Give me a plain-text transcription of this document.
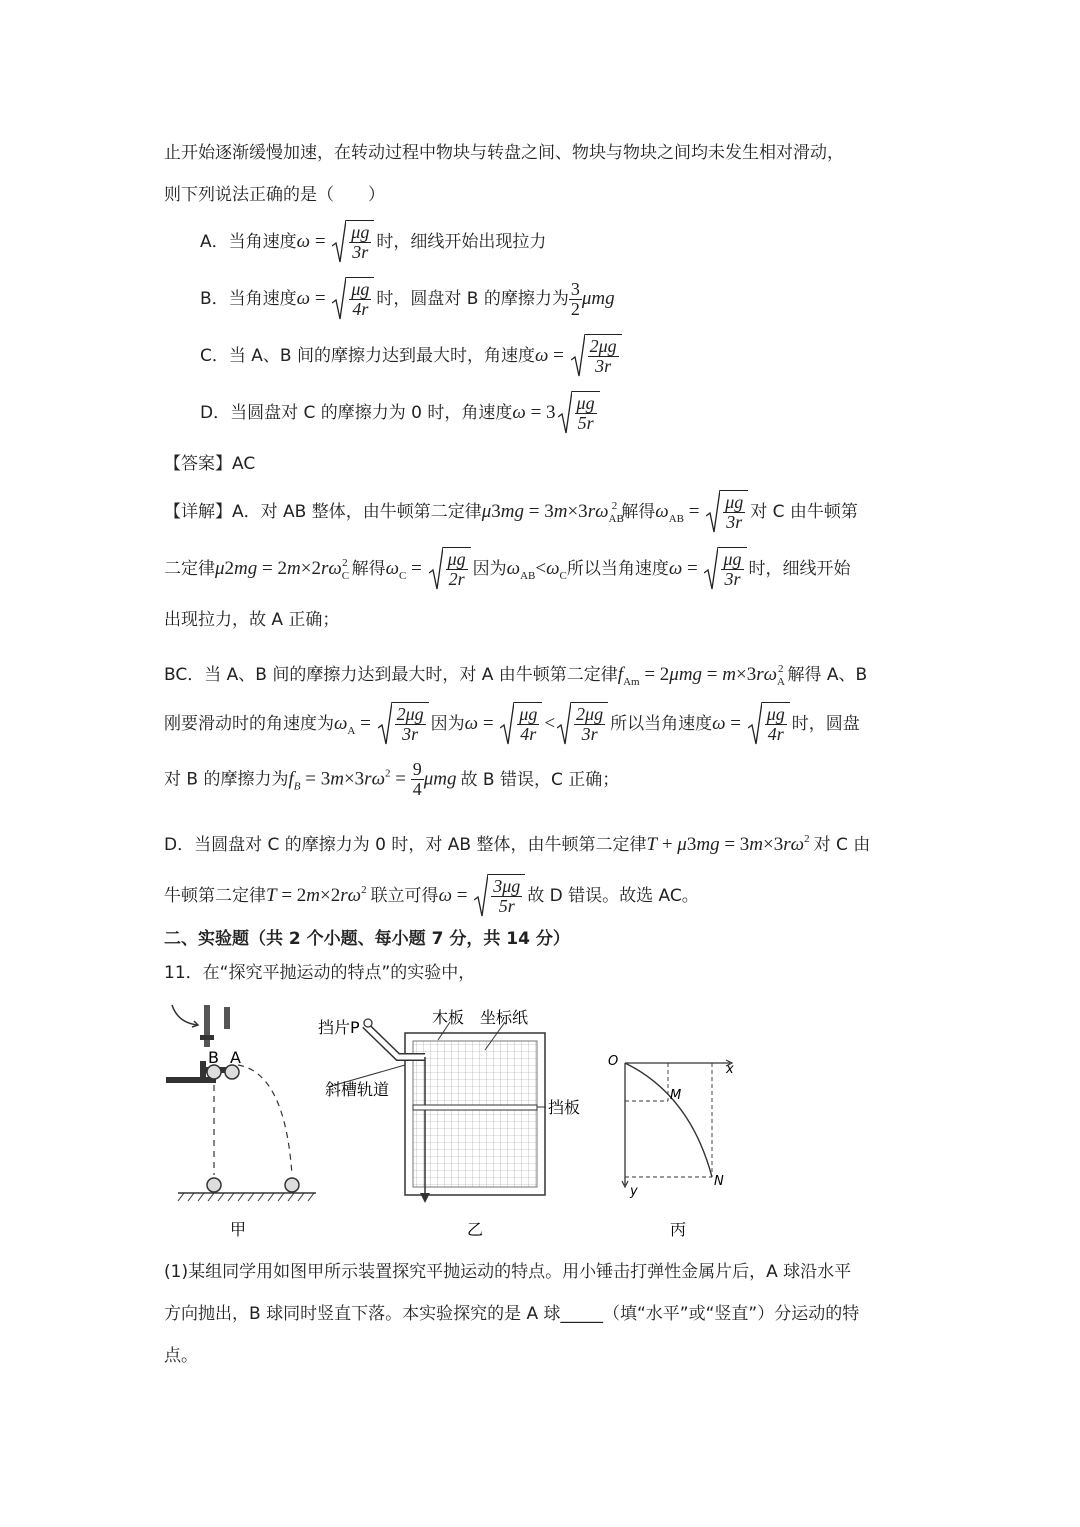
止开始逐渐缓慢加速，在转动过程中物块与转盘之间、物块与物块之间均未发生相对滑动，
则下列说法正确的是（　　）
A．当角速度$\omega = \frac{\mu g}{3r}$ 时，细线开始出现拉力
B．当角速度$\omega = \frac{\mu g}{4r}$ 时，圆盘对 B 的摩擦力为 $\frac{3}{2}$ μmg
C．当 A、B 间的摩擦力达到最大时，角速度$\omega = \frac{2\mu g}{3r}$
D．当圆盘对 C 的摩擦力为 0 时，角速度$\omega = 3 \frac{\mu g}{5r}$
【答案】AC
【详解】A．对 AB 整体，由牛顿第二定律$\mu 3mg = 3m\times 3r\omega_{AB}^2$ 解得$\omega_{AB} = \frac{\mu g}{3r}$ 对 C 由牛顿第
二定律$\mu 2mg = 2m\times 2r\omega_C^2$ 解得$\omega_C = \frac{\mu g}{2r}$ 因为$\omega_{AB}<\omega_C$所以当角速度$\omega = \frac{\mu g}{3r}$ 时，细线开始
出现拉力，故 A 正确；
BC．当 A、B 间的摩擦力达到最大时，对 A 由牛顿第二定律$f_{Am} = 2\mu mg = m\times 3r\omega_A^2$ 解得 A、B
刚要滑动时的角速度为$\omega_A = \frac{2\mu g}{3r}$ 因为$\omega = \frac{\mu g}{4r} < \frac{2\mu g}{3r}$ 所以当角速度$\omega = \frac{\mu g}{4r}$ 时，圆盘
对 B 的摩擦力为$f_B = 3m\times 3r\omega^2 = \frac{9}{4}$ μmg 故 B 错误，C 正确；
D．当圆盘对 C 的摩擦力为 0 时，对 AB 整体，由牛顿第二定律$T + \mu 3mg = 3m\times 3r\omega^2$ 对 C 由
牛顿第二定律$T = 2m\times 2r\omega^2$ 联立可得$\omega = \frac{3\mu g}{5r}$ 故 D 错误。故选 AC。
二、实验题（共 2 个小题、每小题 7 分，共 14 分）
11．在“探究平抛运动的特点”的实验中，
B A
甲
挡片P
木板 坐标纸
斜槽轨道
挡板
乙
O
x
y
M
N
丙
(1)某组同学用如图甲所示装置探究平抛运动的特点。用小锤击打弹性金属片后，A 球沿水平
方向抛出，B 球同时竖直下落。本实验探究的是 A 球_____（填“水平”或“竖直”）分运动的特
点。
